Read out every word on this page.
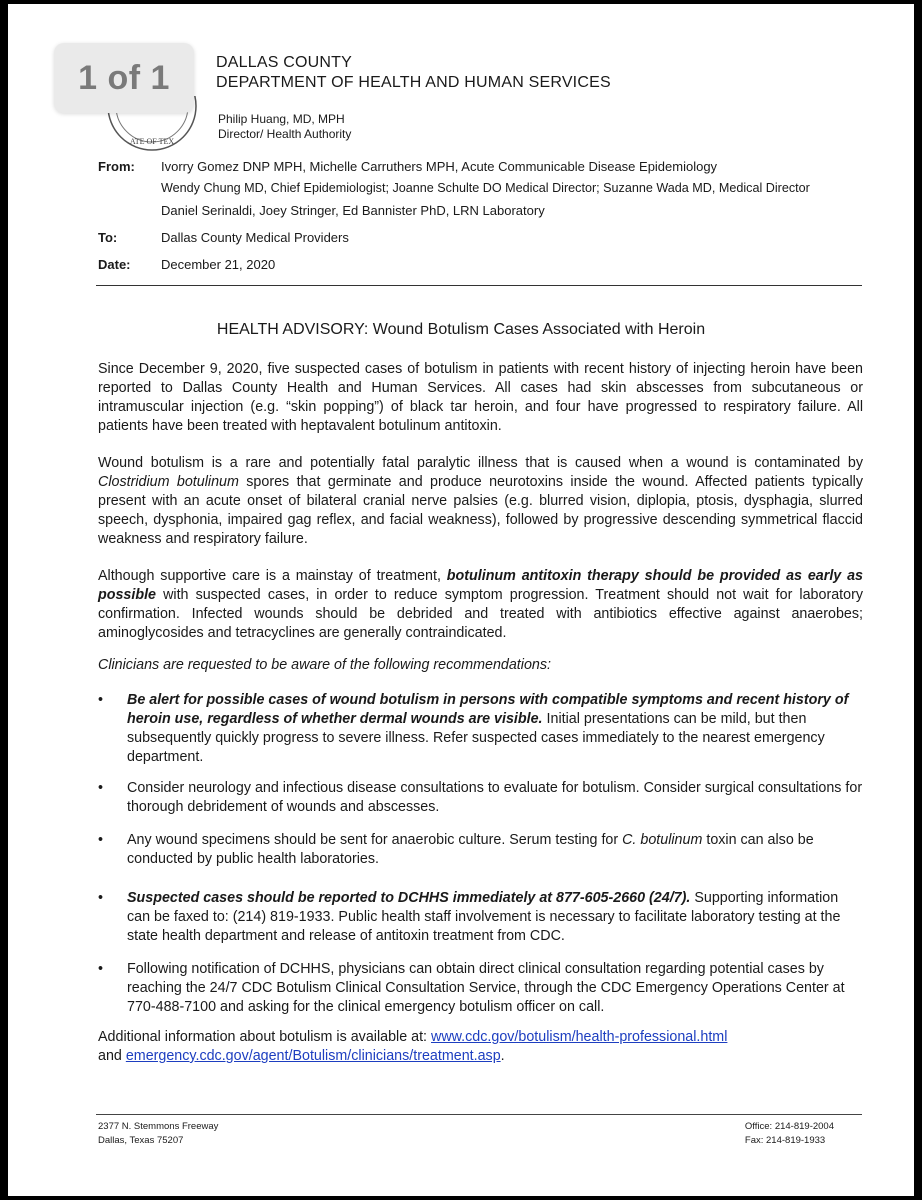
ATE OF TEX
1 of 1	DALLAS COUNTY
DEPARTMENT OF HEALTH AND HUMAN SERVICES
Philip Huang, MD, MPH
Director/ Health Authority
From: Ivorry Gomez DNP MPH, Michelle Carruthers MPH, Acute Communicable Disease Epidemiology
Wendy Chung MD, Chief Epidemiologist; Joanne Schulte DO Medical Director; Suzanne Wada MD, Medical Director
Daniel Serinaldi, Joey Stringer, Ed Bannister PhD, LRN Laboratory
To:	Dallas County Medical Providers
Date: December 21, 2020
HEALTH ADVISORY: Wound Botulism Cases Associated with Heroin

Since December 9, 2020, five suspected cases of botulism in patients with recent history of injecting heroin have been reported to Dallas County Health and Human Services. All cases had skin abscesses from subcutaneous or intramuscular injection (e.g. “skin popping”) of black tar heroin, and four have progressed to respiratory failure. All patients have been treated with heptavalent botulinum antitoxin.

Wound botulism is a rare and potentially fatal paralytic illness that is caused when a wound is contaminated by Clostridium botulinum spores that germinate and produce neurotoxins inside the wound. Affected patients typically present with an acute onset of bilateral cranial nerve palsies (e.g. blurred vision, diplopia, ptosis, dysphagia, slurred speech, dysphonia, impaired gag reflex, and facial weakness), followed by progressive descending symmetrical flaccid weakness and respiratory failure.

Although supportive care is a mainstay of treatment, botulinum antitoxin therapy should be provided as early as possible with suspected cases, in order to reduce symptom progression. Treatment should not wait for laboratory confirmation. Infected wounds should be debrided and treated with antibiotics effective against anaerobes; aminoglycosides and tetracyclines are generally contraindicated.

Clinicians are requested to be aware of the following recommendations:

•	Be alert for possible cases of wound botulism in persons with compatible symptoms and recent history of heroin use, regardless of whether dermal wounds are visible. Initial presentations can be mild, but then subsequently quickly progress to severe illness. Refer suspected cases immediately to the nearest emergency department.
•	Consider neurology and infectious disease consultations to evaluate for botulism. Consider surgical consultations for thorough debridement of wounds and abscesses.
•	Any wound specimens should be sent for anaerobic culture. Serum testing for C. botulinum toxin can also be conducted by public health laboratories.
•	Suspected cases should be reported to DCHHS immediately at 877-605-2660 (24/7). Supporting information can be faxed to: (214) 819-1933. Public health staff involvement is necessary to facilitate laboratory testing at the state health department and release of antitoxin treatment from CDC.
•	Following notification of DCHHS, physicians can obtain direct clinical consultation regarding potential cases by reaching the 24/7 CDC Botulism Clinical Consultation Service, through the CDC Emergency Operations Center at 770-488-7100 and asking for the clinical emergency botulism officer on call.
Additional information about botulism is available at: www.cdc.gov/botulism/health-professional.html
and emergency.cdc.gov/agent/Botulism/clinicians/treatment.asp.
2377 N. Stemmons Freeway
Dallas, Texas 75207
Office: 214-819-2004
Fax: 214-819-1933
